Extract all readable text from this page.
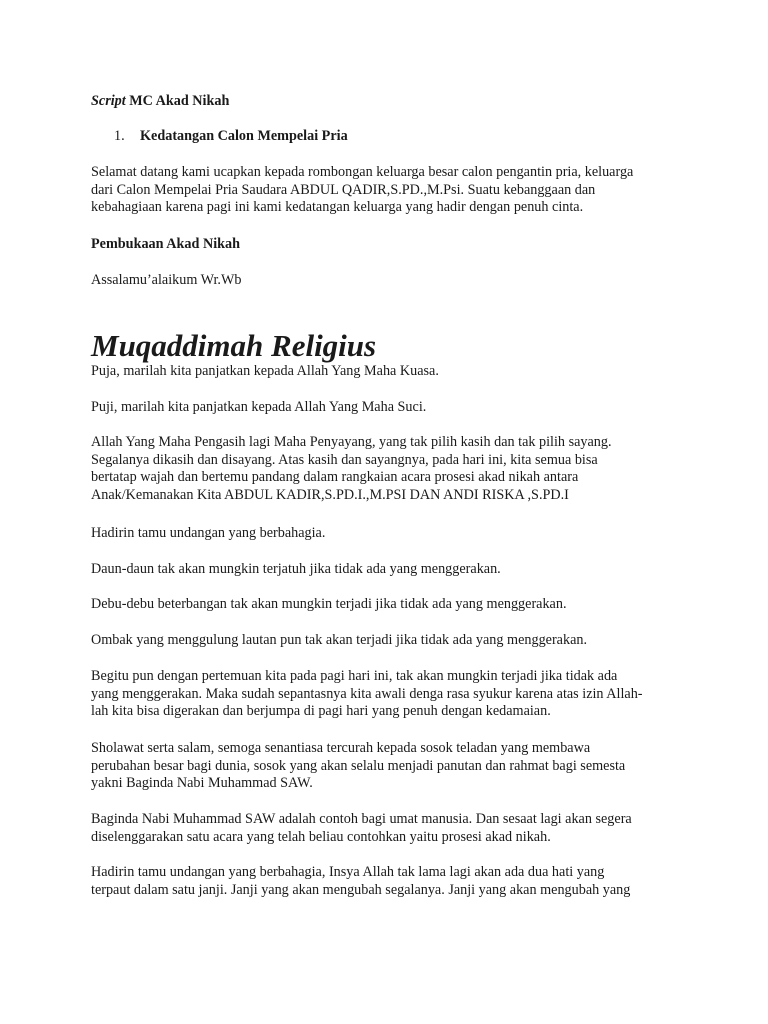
Script MC Akad Nikah

1. Kedatangan Calon Mempelai Pria

Selamat datang kami ucapkan kepada rombongan keluarga besar calon pengantin pria, keluarga
dari Calon Mempelai Pria Saudara ABDUL QADIR,S.PD.,M.Psi. Suatu kebanggaan dan
kebahagiaan karena pagi ini kami kedatangan keluarga yang hadir dengan penuh cinta.

Pembukaan Akad Nikah

Assalamu’alaikum Wr.Wb

Muqaddimah Religius

Puja, marilah kita panjatkan kepada Allah Yang Maha Kuasa.

Puji, marilah kita panjatkan kepada Allah Yang Maha Suci.

Allah Yang Maha Pengasih lagi Maha Penyayang, yang tak pilih kasih dan tak pilih sayang.
Segalanya dikasih dan disayang. Atas kasih dan sayangnya, pada hari ini, kita semua bisa
bertatap wajah dan bertemu pandang dalam rangkaian acara prosesi akad nikah antara
Anak/Kemanakan Kita ABDUL KADIR,S.PD.I.,M.PSI DAN ANDI RISKA ,S.PD.I

Hadirin tamu undangan yang berbahagia.

Daun-daun tak akan mungkin terjatuh jika tidak ada yang menggerakan.

Debu-debu beterbangan tak akan mungkin terjadi jika tidak ada yang menggerakan.

Ombak yang menggulung lautan pun tak akan terjadi jika tidak ada yang menggerakan.

Begitu pun dengan pertemuan kita pada pagi hari ini, tak akan mungkin terjadi jika tidak ada
yang menggerakan. Maka sudah sepantasnya kita awali denga rasa syukur karena atas izin Allah-
lah kita bisa digerakan dan berjumpa di pagi hari yang penuh dengan kedamaian.

Sholawat serta salam, semoga senantiasa tercurah kepada sosok teladan yang membawa
perubahan besar bagi dunia, sosok yang akan selalu menjadi panutan dan rahmat bagi semesta
yakni Baginda Nabi Muhammad SAW.

Baginda Nabi Muhammad SAW adalah contoh bagi umat manusia. Dan sesaat lagi akan segera
diselenggarakan satu acara yang telah beliau contohkan yaitu prosesi akad nikah.

Hadirin tamu undangan yang berbahagia, Insya Allah tak lama lagi akan ada dua hati yang
terpaut dalam satu janji. Janji yang akan mengubah segalanya. Janji yang akan mengubah yang
